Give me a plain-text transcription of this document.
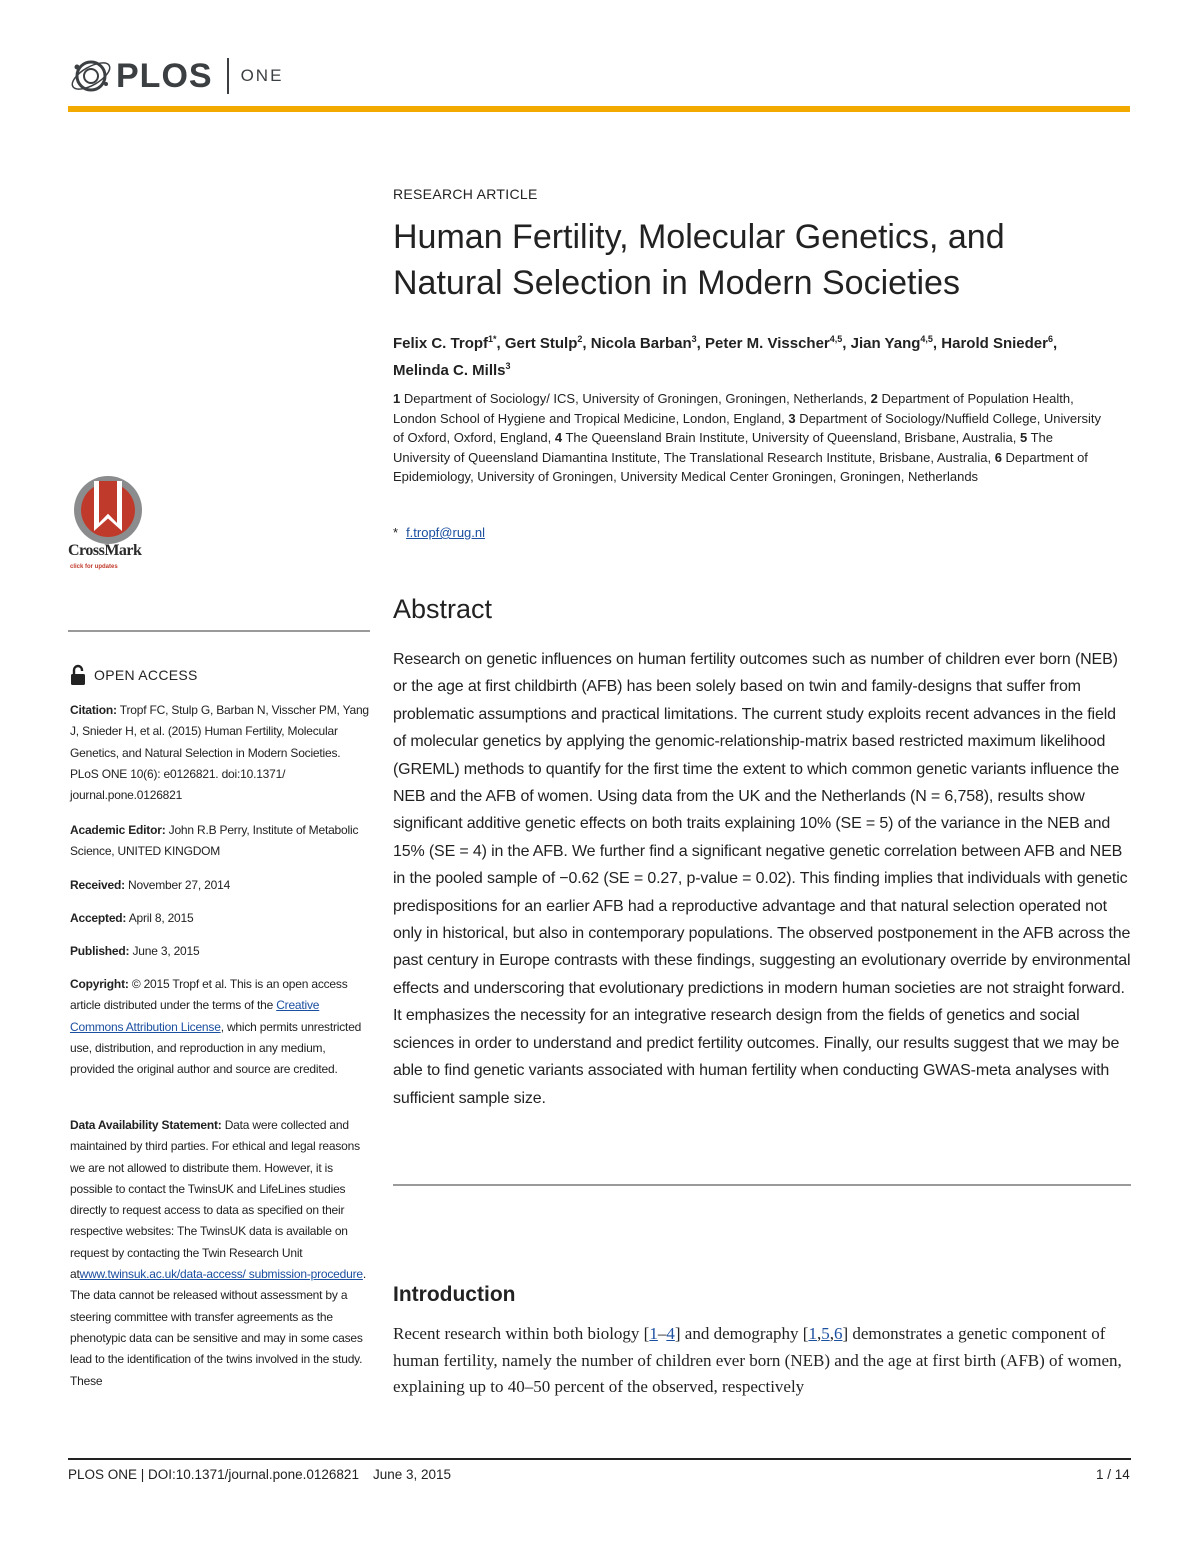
PLOS ONE
RESEARCH ARTICLE
Human Fertility, Molecular Genetics, and Natural Selection in Modern Societies
Felix C. Tropf$^{1*}$, Gert Stulp$^2$, Nicola Barban$^3$, Peter M. Visscher$^{4,5}$, Jian Yang$^{4,5}$, Harold Snieder$^6$, Melinda C. Mills$^3$
1 Department of Sociology/ ICS, University of Groningen, Groningen, Netherlands, 2 Department of Population Health, London School of Hygiene and Tropical Medicine, London, England, 3 Department of Sociology/Nuffield College, University of Oxford, Oxford, England, 4 The Queensland Brain Institute, University of Queensland, Brisbane, Australia, 5 The University of Queensland Diamantina Institute, The Translational Research Institute, Brisbane, Australia, 6 Department of Epidemiology, University of Groningen, University Medical Center Groningen, Groningen, Netherlands
* f.tropf@rug.nl
CrossMark
click for updates
OPEN ACCESS
Citation: Tropf FC, Stulp G, Barban N, Visscher PM, Yang J, Snieder H, et al. (2015) Human Fertility, Molecular Genetics, and Natural Selection in Modern Societies. PLoS ONE 10(6): e0126821. doi:10.1371/ journal.pone.0126821
Academic Editor: John R.B Perry, Institute of Metabolic Science, UNITED KINGDOM
Received: November 27, 2014
Accepted: April 8, 2015
Published: June 3, 2015
Copyright: © 2015 Tropf et al. This is an open access article distributed under the terms of the Creative Commons Attribution License, which permits unrestricted use, distribution, and reproduction in any medium, provided the original author and source are credited.
Data Availability Statement: Data were collected and maintained by third parties. For ethical and legal reasons we are not allowed to distribute them. However, it is possible to contact the TwinsUK and LifeLines studies directly to request access to data as specified on their respective websites: The TwinsUK data is available on request by contacting the Twin Research Unit atwww.twinsuk.ac.uk/data-access/ submission-procedure. The data cannot be released without assessment by a steering committee with transfer agreements as the phenotypic data can be sensitive and may in some cases lead to the identification of the twins involved in the study. These
Abstract
Research on genetic influences on human fertility outcomes such as number of children ever born (NEB) or the age at first childbirth (AFB) has been solely based on twin and family-designs that suffer from problematic assumptions and practical limitations. The current study exploits recent advances in the field of molecular genetics by applying the genomic-relationship-matrix based restricted maximum likelihood (GREML) methods to quantify for the first time the extent to which common genetic variants influence the NEB and the AFB of women. Using data from the UK and the Netherlands (N = 6,758), results show significant additive genetic effects on both traits explaining 10% (SE = 5) of the variance in the NEB and 15% (SE = 4) in the AFB. We further find a significant negative genetic correlation between AFB and NEB in the pooled sample of −0.62 (SE = 0.27, p-value = 0.02). This finding implies that individuals with genetic predispositions for an earlier AFB had a reproductive advantage and that natural selection operated not only in historical, but also in contemporary populations. The observed postponement in the AFB across the past century in Europe contrasts with these findings, suggesting an evolutionary override by environmental effects and underscoring that evolutionary predictions in modern human societies are not straight forward. It emphasizes the necessity for an integrative research design from the fields of genetics and social sciences in order to understand and predict fertility outcomes. Finally, our results suggest that we may be able to find genetic variants associated with human fertility when conducting GWAS-meta analyses with sufficient sample size.
Introduction
Recent research within both biology [1–4] and demography [1,5,6] demonstrates a genetic component of human fertility, namely the number of children ever born (NEB) and the age at first birth (AFB) of women, explaining up to 40–50 percent of the observed, respectively
PLOS ONE | DOI:10.1371/journal.pone.0126821 June 3, 2015	1 / 14
